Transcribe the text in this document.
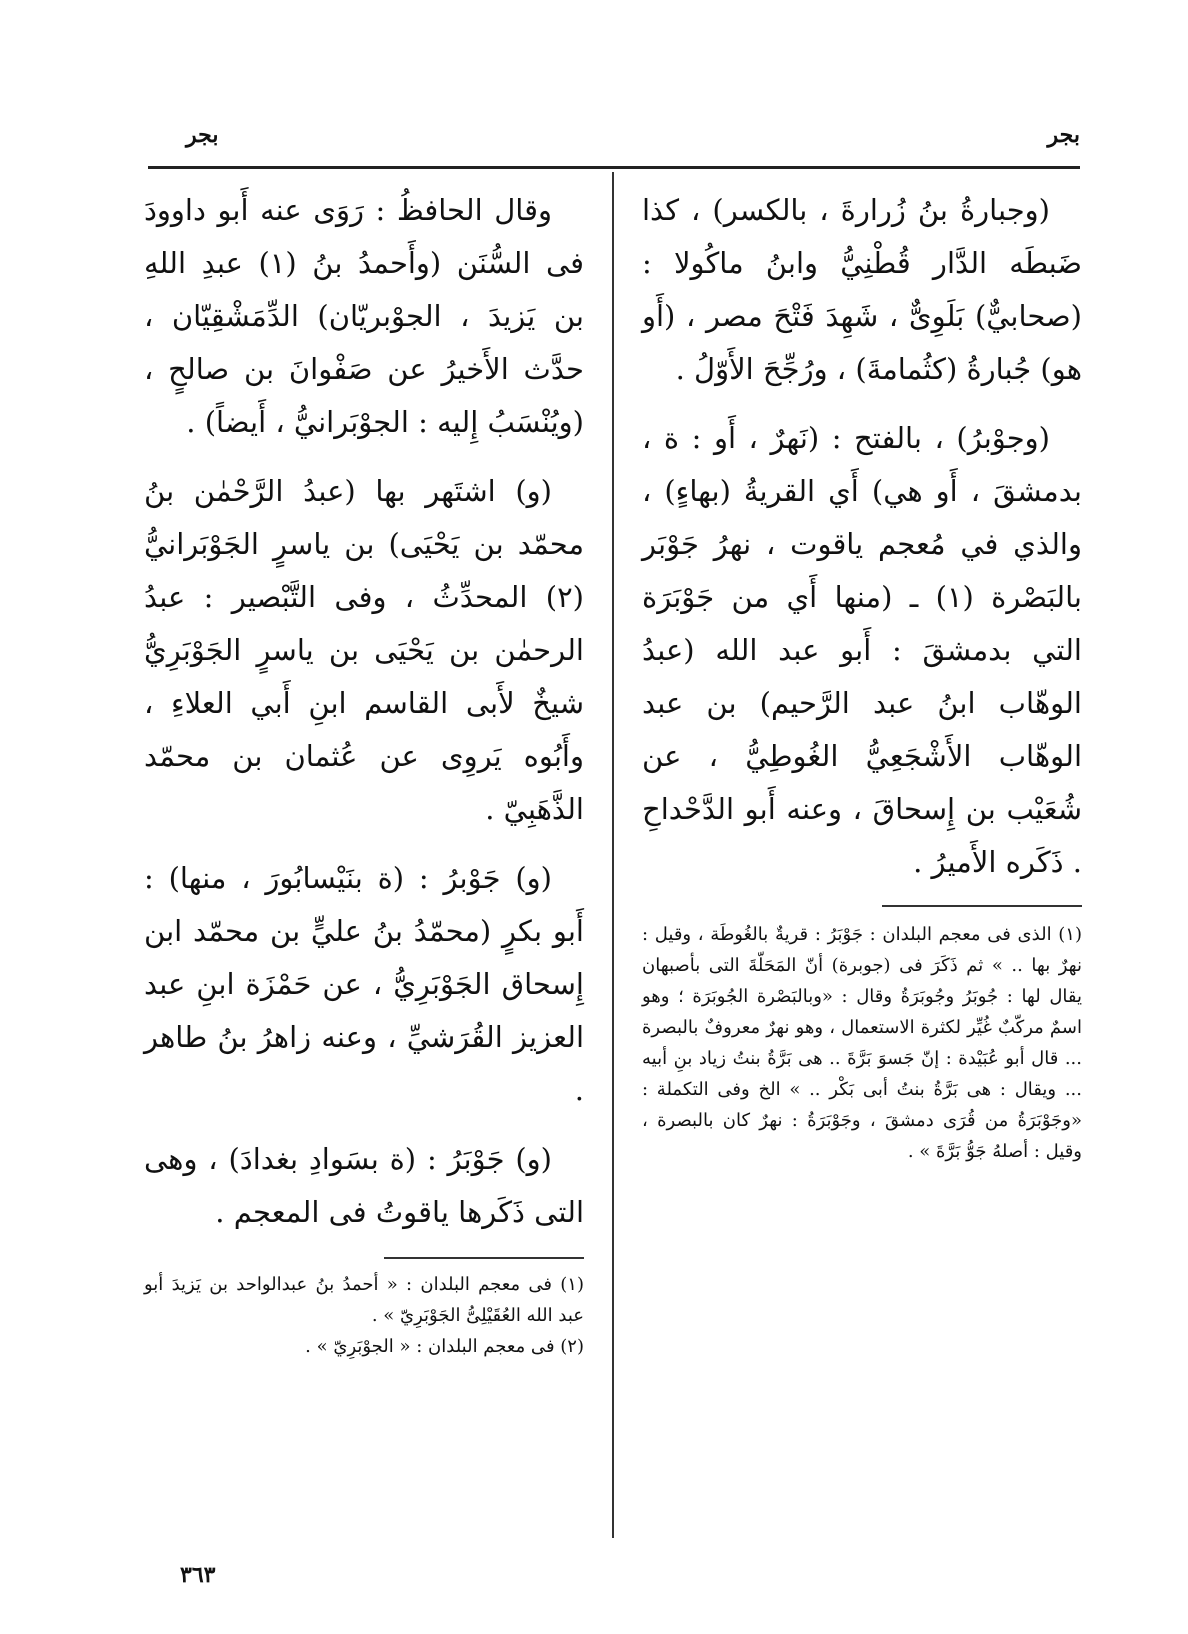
بجر
بجر

(وجبارةُ بنُ زُرارةَ ، بالكسر) ، كذا ضَبطَه الدَّار قُطْنِيُّ وابنُ ماكُولا : (صحابيٌّ) بَلَوِىٌّ ، شَهِدَ فَتْحَ مصر ، (أَو هو) جُبارةُ (كثُمامةَ) ، ورُجِّحَ الأَوّلُ .

(وجوْبرُ) ، بالفتح : (نَهرٌ ، أَو : ة ، بدمشقَ ، أَو هي) أَي القريةُ (بهاءٍ) ، والذي في مُعجم ياقوت ، نهرُ جَوْبَر بالبَصْرة (١) ـ (منها أَي من جَوْبَرَة التي بدمشقَ : أَبو عبد الله (عبدُ الوهّاب ابنُ عبد الرَّحيم) بن عبد الوهّاب الأَشْجَعِيُّ الغُوطِيُّ ، عن شُعَيْب بن إِسحاقَ ، وعنه أَبو الدَّحْداحِ . ذَكَره الأَميرُ .

(١) الذى فى معجم البلدان : جَوْبَرُ : قريةٌ بالغُوطَة ، وقيل : نهرٌ بها .. » ثم ذَكَرَ فى (جوبرة) أنّ المَحَلّةَ التى بأصبهان يقال لها : جُوبَرُ وجُوبَرَةُ وقال : «وبالبَصْرة الجُوبَرَة ؛ وهو اسمٌ مركّبٌ غُيِّر لكثرة الاستعمال ، وهو نهرٌ معروفٌ بالبصرة ... قال أبو عُبَيْدة : إنّ جَسوَ بَرَّةَ .. هى بَرَّةُ بنتُ زياد بنِ أبيه ... ويقال : هى بَرَّةُ بنتُ أبى بَكْر .. » الخ وفى التكملة : «وجَوْبَرَةُ من قُرَى دمشقَ ، وجَوْبَرَةُ : نهرٌ كان بالبصرة ، وقيل : أصلهُ جَوُّ بَرَّةَ » .

وقال الحافظُ : رَوَى عنه أَبو داوودَ فى السُّنَن (وأَحمدُ بنُ (١) عبدِ اللهِ بن يَزيدَ ، الجوْبريّان) الدِّمَشْقِيّان ، حدَّث الأَخيرُ عن صَفْوانَ بن صالحٍ ، (ويُنْسَبُ إِليه : الجوْبَرانيُّ ، أَيضاً) .

(و) اشتَهر بها (عبدُ الرَّحْمٰن بنُ محمّد بن يَحْيَى) بن ياسرٍ الجَوْبَرانيُّ (٢) المحدِّثُ ، وفى التَّبْصير : عبدُ الرحمٰن بن يَحْيَى بن ياسرٍ الجَوْبَرِيُّ شيخٌ لأَبى القاسم ابنِ أَبي العلاءِ ، وأَبُوه يَروِى عن عُثمان بن محمّد الذَّهَبِيّ .

(و) جَوْبرُ : (ة بنَيْسابُورَ ، منها) : أَبو بكرٍ (محمّدُ بنُ عليٍّ بن محمّد ابن إِسحاق الجَوْبَرِيُّ ، عن حَمْزَة ابنِ عبد العزيز القُرَشيِّ ، وعنه زاهرُ بنُ طاهر .

(و) جَوْبَرُ : (ة بسَوادِ بغدادَ) ، وهى التى ذَكَرها ياقوتُ فى المعجم .

(١) فى معجم البلدان : « أحمدُ بنُ عبدالواحد بن يَزيدَ أبو عبد الله العُقَيْلِىُّ الجَوْبَرِيّ » .

(٢) فى معجم البلدان : « الجوْبَرِيّ » .

٣٦٣
